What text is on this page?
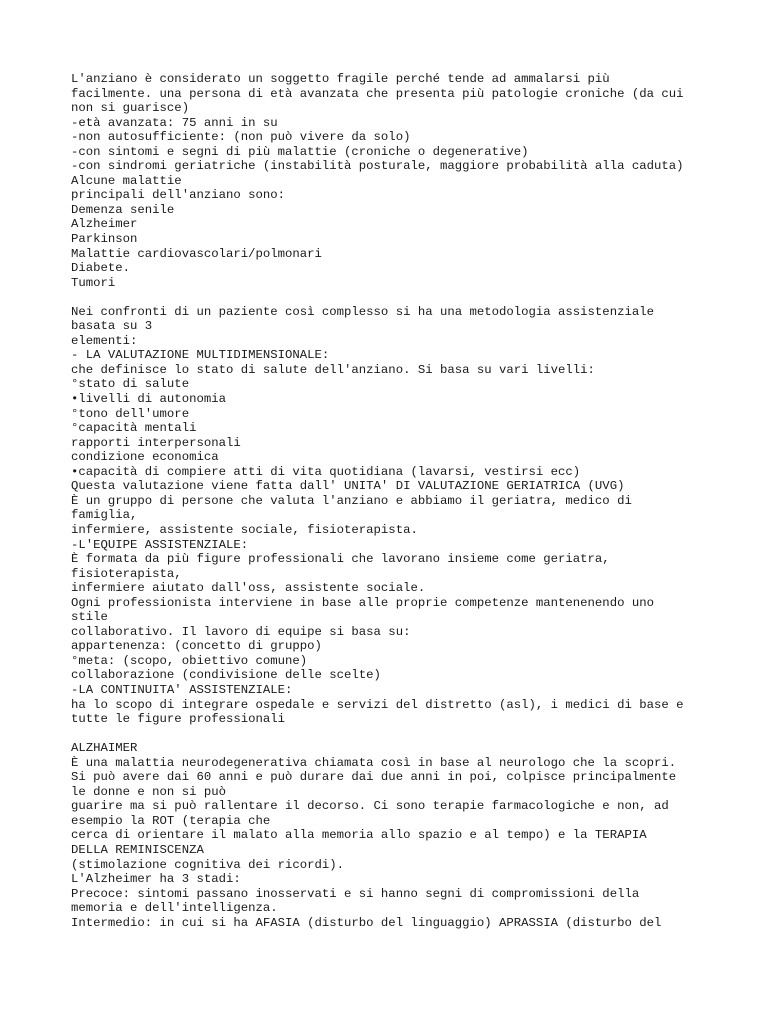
L'anziano è considerato un soggetto fragile perché tende ad ammalarsi più
facilmente. una persona di età avanzata che presenta più patologie croniche (da cui
non si guarisce)
-età avanzata: 75 anni in su
-non autosufficiente: (non può vivere da solo)
-con sintomi e segni di più malattie (croniche o degenerative)
-con sindromi geriatriche (instabilità posturale, maggiore probabilità alla caduta)
Alcune malattie
principali dell'anziano sono:
Demenza senile
Alzheimer
Parkinson
Malattie cardiovascolari/polmonari
Diabete.
Tumori
Nei confronti di un paziente così complesso si ha una metodologia assistenziale
basata su 3
elementi:
- LA VALUTAZIONE MULTIDIMENSIONALE:
che definisce lo stato di salute dell'anziano. Si basa su vari livelli:
°stato di salute
•livelli di autonomia
°tono dell'umore
°capacità mentali
rapporti interpersonali
condizione economica
•capacità di compiere atti di vita quotidiana (lavarsi, vestirsi ecc)
Questa valutazione viene fatta dall' UNITA' DI VALUTAZIONE GERIATRICA (UVG)
È un gruppo di persone che valuta l'anziano e abbiamo il geriatra, medico di
famiglia,
infermiere, assistente sociale, fisioterapista.
-L'EQUIPE ASSISTENZIALE:
È formata da più figure professionali che lavorano insieme come geriatra,
fisioterapista,
infermiere aiutato dall'oss, assistente sociale.
Ogni professionista interviene in base alle proprie competenze mantenenendo uno
stile
collaborativo. Il lavoro di equipe si basa su:
appartenenza: (concetto di gruppo)
°meta: (scopo, obiettivo comune)
collaborazione (condivisione delle scelte)
-LA CONTINUITA' ASSISTENZIALE:
ha lo scopo di integrare ospedale e servizi del distretto (asl), i medici di base e
tutte le figure professionali
ALZHAIMER
È una malattia neurodegenerativa chiamata così in base al neurologo che la scopri.
Si può avere dai 60 anni e può durare dai due anni in poi, colpisce principalmente
le donne e non si può
guarire ma si può rallentare il decorso. Ci sono terapie farmacologiche e non, ad
esempio la ROT (terapia che
cerca di orientare il malato alla memoria allo spazio e al tempo) e la TERAPIA
DELLA REMINISCENZA
(stimolazione cognitiva dei ricordi).
L'Alzheimer ha 3 stadi:
Precoce: sintomi passano inosservati e si hanno segni di compromissioni della
memoria e dell'intelligenza.
Intermedio: in cui si ha AFASIA (disturbo del linguaggio) APRASSIA (disturbo del
